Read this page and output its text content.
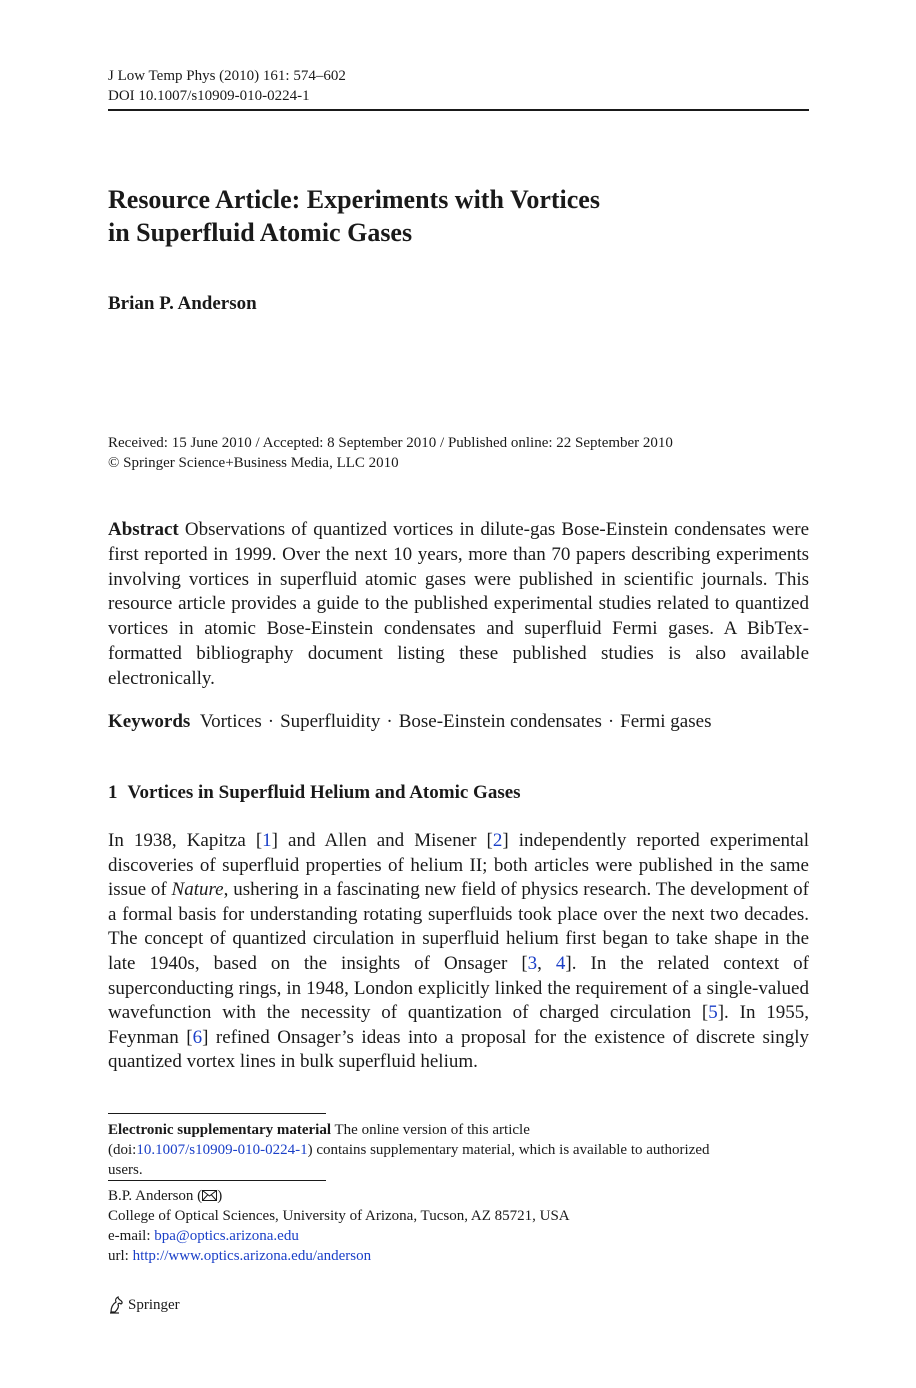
J Low Temp Phys (2010) 161: 574–602
DOI 10.1007/s10909-010-0224-1
Resource Article: Experiments with Vortices
in Superfluid Atomic Gases
Brian P. Anderson
Received: 15 June 2010 / Accepted: 8 September 2010 / Published online: 22 September 2010
© Springer Science+Business Media, LLC 2010

Abstract Observations of quantized vortices in dilute-gas Bose-Einstein condensates were first reported in 1999. Over the next 10 years, more than 70 papers describing experiments involving vortices in superfluid atomic gases were published in scientific journals. This resource article provides a guide to the published experimental studies related to quantized vortices in atomic Bose-Einstein condensates and superfluid Fermi gases. A BibTex-formatted bibliography document listing these published studies is also available electronically.

Keywords Vortices · Superfluidity · Bose-Einstein condensates · Fermi gases
1 Vortices in Superfluid Helium and Atomic Gases

In 1938, Kapitza [1] and Allen and Misener [2] independently reported experimental discoveries of superfluid properties of helium II; both articles were published in the same issue of Nature, ushering in a fascinating new field of physics research. The development of a formal basis for understanding rotating superfluids took place over the next two decades. The concept of quantized circulation in superfluid helium first began to take shape in the late 1940s, based on the insights of Onsager [3, 4]. In the related context of superconducting rings, in 1948, London explicitly linked the requirement of a single-valued wavefunction with the necessity of quantization of charged circulation [5]. In 1955, Feynman [6] refined Onsager’s ideas into a proposal for the existence of discrete singly quantized vortex lines in bulk superfluid helium.

Electronic supplementary material The online version of this article
(doi:10.1007/s10909-010-0224-1) contains supplementary material, which is available to authorized
users.
B.P. Anderson ( )
College of Optical Sciences, University of Arizona, Tucson, AZ 85721, USA
e-mail: bpa@optics.arizona.edu
url: http://www.optics.arizona.edu/anderson
Springer
